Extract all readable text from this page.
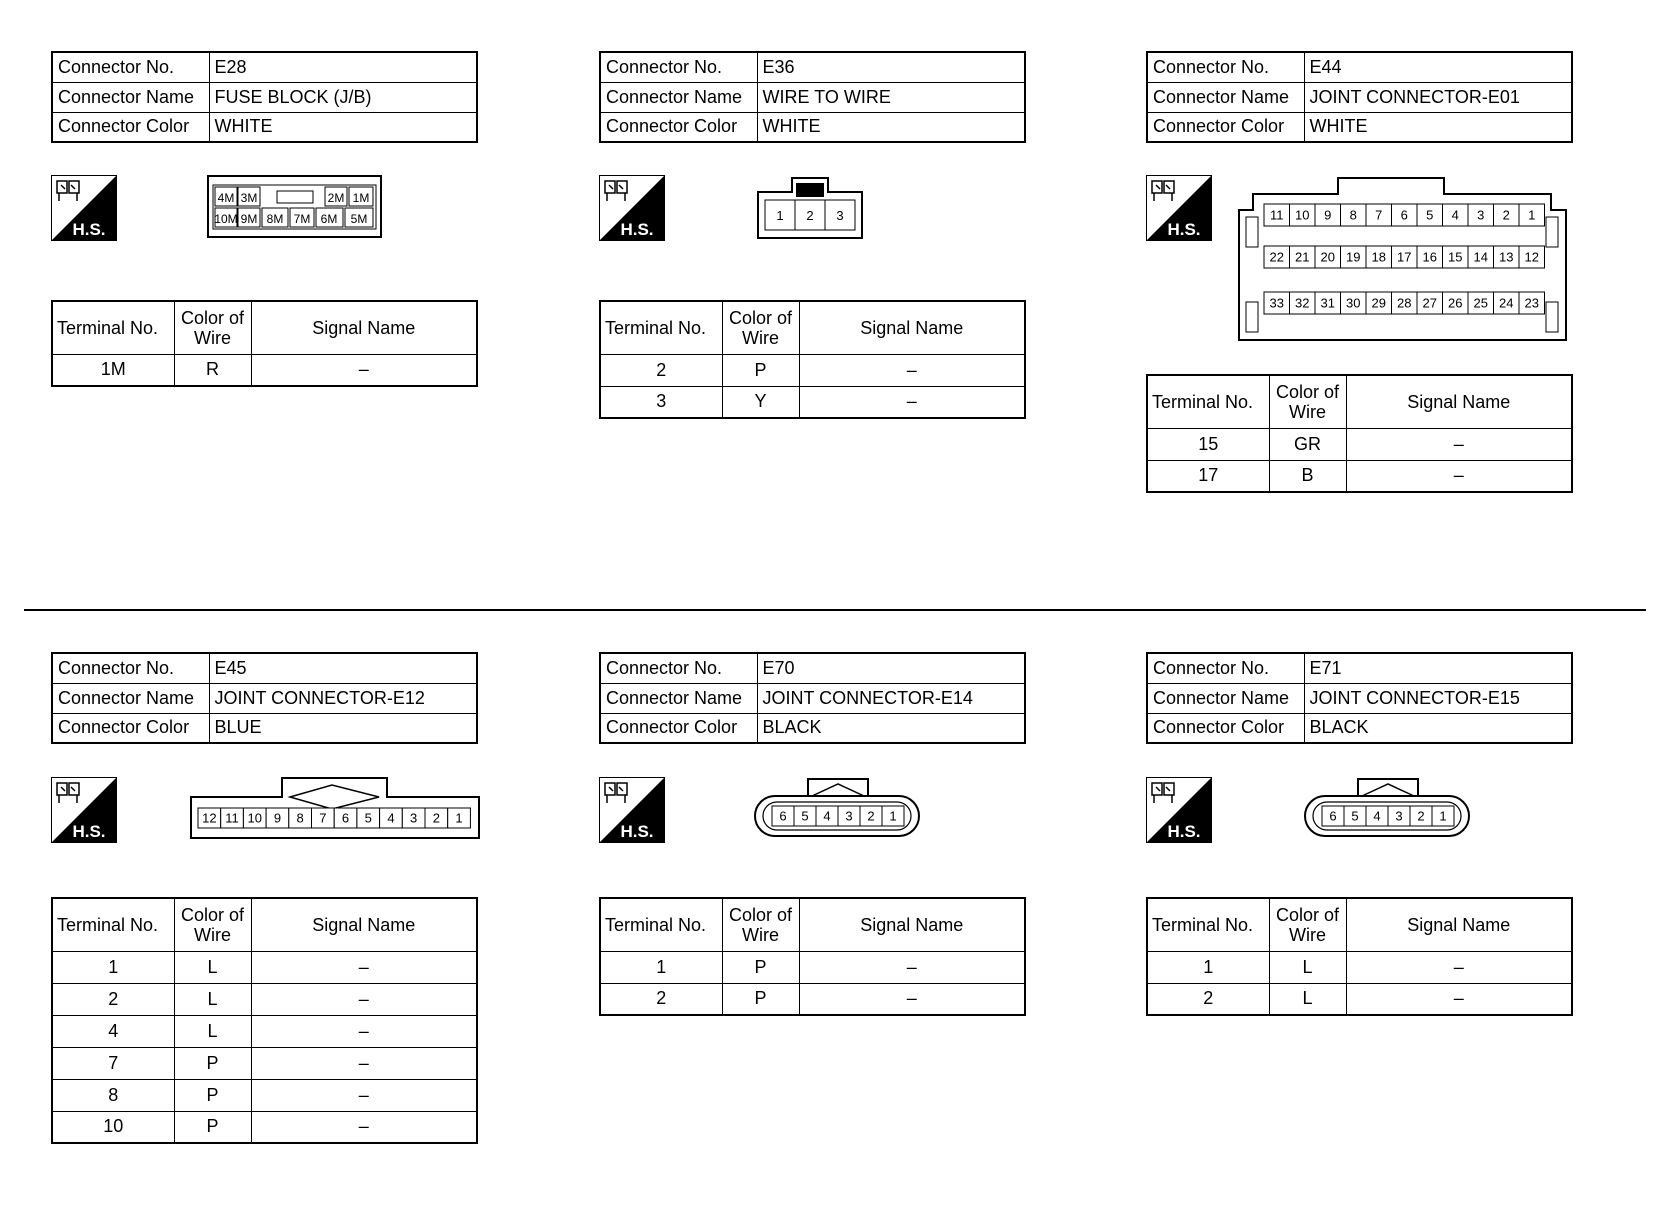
Connector No.	E28
Connector Name	FUSE BLOCK (J/B)
Connector Color	WHITE
H.S.
4M 3M	2M 1M
10M 9M 8M 7M 6M 5M
Terminal No.	Color of Wire	Signal Name
1M	R	–
Connector No.	E36
Connector Name	WIRE TO WIRE
Connector Color	WHITE
H.S.
1 2 3
Terminal No.	Color of Wire	Signal Name
2	P	–
3	Y	–
Connector No.	E44
Connector Name	JOINT CONNECTOR-E01
Connector Color	WHITE
H.S.
11 10 9 8 7 6 5 4 3 2 1
22 21 20 19 18 17 16 15 14 13 12
33 32 31 30 29 28 27 26 25 24 23
Terminal No.	Color of Wire	Signal Name
15	GR	–
17	B	–
Connector No.	E45
Connector Name	JOINT CONNECTOR-E12
Connector Color	BLUE
H.S.
12 11 10 9 8 7 6 5 4 3 2 1
Terminal No.	Color of Wire	Signal Name
1	L	–
2	L	–
4	L	–
7	P	–
8	P	–
10	P	–
Connector No.	E70
Connector Name	JOINT CONNECTOR-E14
Connector Color	BLACK
H.S.
6 5 4 3 2 1
Terminal No.	Color of Wire	Signal Name
1	P	–
2	P	–
Connector No.	E71
Connector Name	JOINT CONNECTOR-E15
Connector Color	BLACK
H.S.
6 5 4 3 2 1
Terminal No.	Color of Wire	Signal Name
1	L	–
2	L	–
